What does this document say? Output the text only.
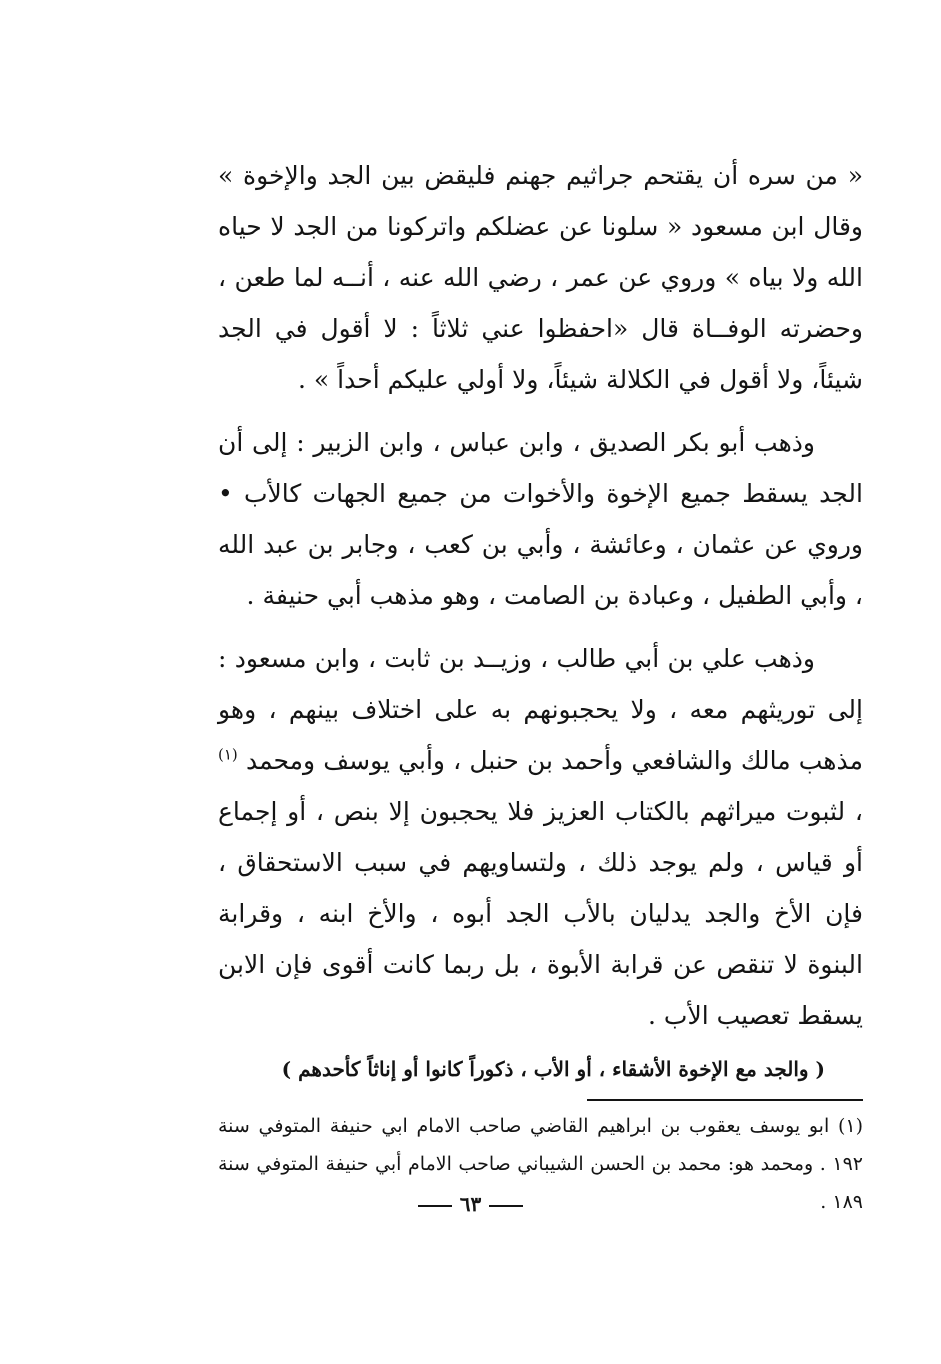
« من سره أن يقتحم جراثيم جهنم فليقض بين الجد والإخوة » وقال ابن مسعود « سلونا عن عضلكم واتركونا من الجد لا حياه الله ولا بياه » وروي عن عمر ، رضي الله عنه ، أنــه لما طعن ، وحضرته الوفــاة قال «احفظوا عني ثلاثاً : لا أقول في الجد شيئاً، ولا أقول في الكلالة شيئاً، ولا أولي عليكم أحداً » .

وذهب أبو بكر الصديق ، وابن عباس ، وابن الزبير : إلى أن الجد يسقط جميع الإخوة والأخوات من جميع الجهات كالأب • وروي عن عثمان ، وعائشة ، وأبي بن كعب ، وجابر بن عبد الله ، وأبي الطفيل ، وعبادة بن الصامت ، وهو مذهب أبي حنيفة .

وذهب علي بن أبي طالب ، وزيــد بن ثابت ، وابن مسعود : إلى توريثهم معه ، ولا يحجبونهم به على اختلاف بينهم ، وهو مذهب مالك والشافعي وأحمد بن حنبل ، وأبي يوسف ومحمد $^{(١)}$ ، لثبوت ميراثهم بالكتاب العزيز فلا يحجبون إلا بنص ، أو إجماع أو قياس ، ولم يوجد ذلك ، ولتساويهم في سبب الاستحقاق ، فإن الأخ والجد يدليان بالأب الجد أبوه ، والأخ ابنه ، وقرابة البنوة لا تنقص عن قرابة الأبوة ، بل ربما كانت أقوى فإن الابن يسقط تعصيب الأب .

( والجد مع الإخوة الأشقاء ، أو الأب ، ذكوراً كانوا أو إناثاً كأحدهم )

(١) ابو يوسف يعقوب بن ابراهيم القاضي صاحب الامام ابي حنيفة المتوفي سنة ١٩٢ . ومحمد هو: محمد بن الحسن الشيباني صاحب الامام أبي حنيفة المتوفي سنة ١٨٩ .

٦٣
